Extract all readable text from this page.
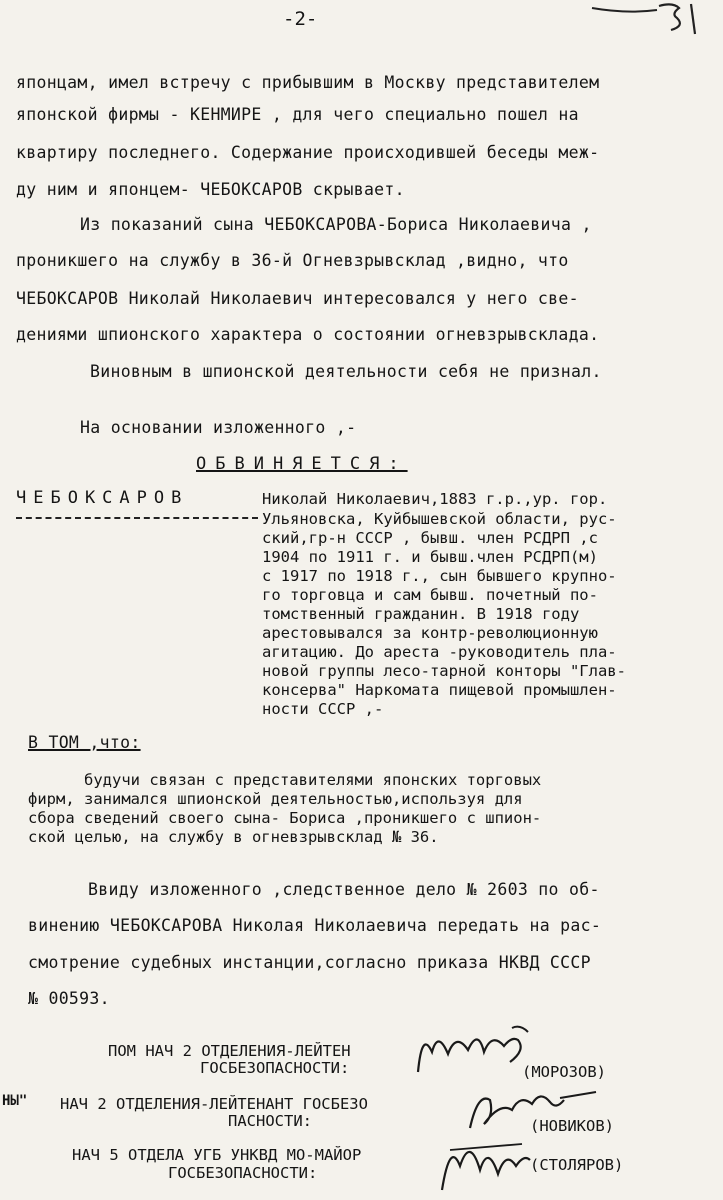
-2-
японцам, имел встречу с прибывшим в Москву представителем
японской фирмы - КЕНМИРЕ , для чего специально пошел на
квартиру последнего. Содержание происходившей беседы меж-
ду ним и японцем- ЧЕБОКСАРОВ скрывает.
Из показаний сына ЧЕБОКСАРОВА-Бориса Николаевича ,
проникшего на службу в 36-й Огневзрывсклад ,видно, что
ЧЕБОКСАРОВ Николай Николаевич интересовался у него све-
дениями шпионского характера о состоянии огневзрывсклада.
Виновным в шпионской деятельности себя не признал.
На основании изложенного ,-
ОБВИНЯЕТСЯ:
ЧЕБОКСАРОВ	Николай Николаевич,1883 г.р.,ур. гор.
Ульяновска, Куйбышевской области, рус-
ский,гр-н СССР , бывш. член РСДРП ,с
1904 по 1911 г. и бывш.член РСДРП(м)
с 1917 по 1918 г., сын бывшего крупно-
го торговца и сам бывш. почетный по-
томственный гражданин. В 1918 году
арестовывался за контр-революционную
агитацию. До ареста -руководитель пла-
новой группы лесо-тарной конторы "Глав-
консерва" Наркомата пищевой промышлен-
ности СССР ,-
В ТОМ ,что:
будучи связан с представителями японских торговых
фирм, занимался шпионской деятельностью,используя для
сбора сведений своего сына- Бориса ,проникшего с шпион-
ской целью, на службу в огневзрывсклад № 36.
Ввиду изложенного ,следственное дело № 2603 по об-
винению ЧЕБОКСАРОВА Николая Николаевича передать на рас-
смотрение судебных инстанции,согласно приказа НКВД СССР
№ 00593.
ПОМ НАЧ 2 ОТДЕЛЕНИЯ-ЛЕЙТЕН
ГОСБЕЗОПАСНОСТИ:	(МОРОЗОВ)
НЫ" НАЧ 2 ОТДЕЛЕНИЯ-ЛЕЙТЕНАНТ ГОСБЕЗО
ПАСНОСТИ:	(НОВИКОВ)
НАЧ 5 ОТДЕЛА УГБ УНКВД МО-МАЙОР
ГОСБЕЗОПАСНОСТИ:	(СТОЛЯРОВ)
